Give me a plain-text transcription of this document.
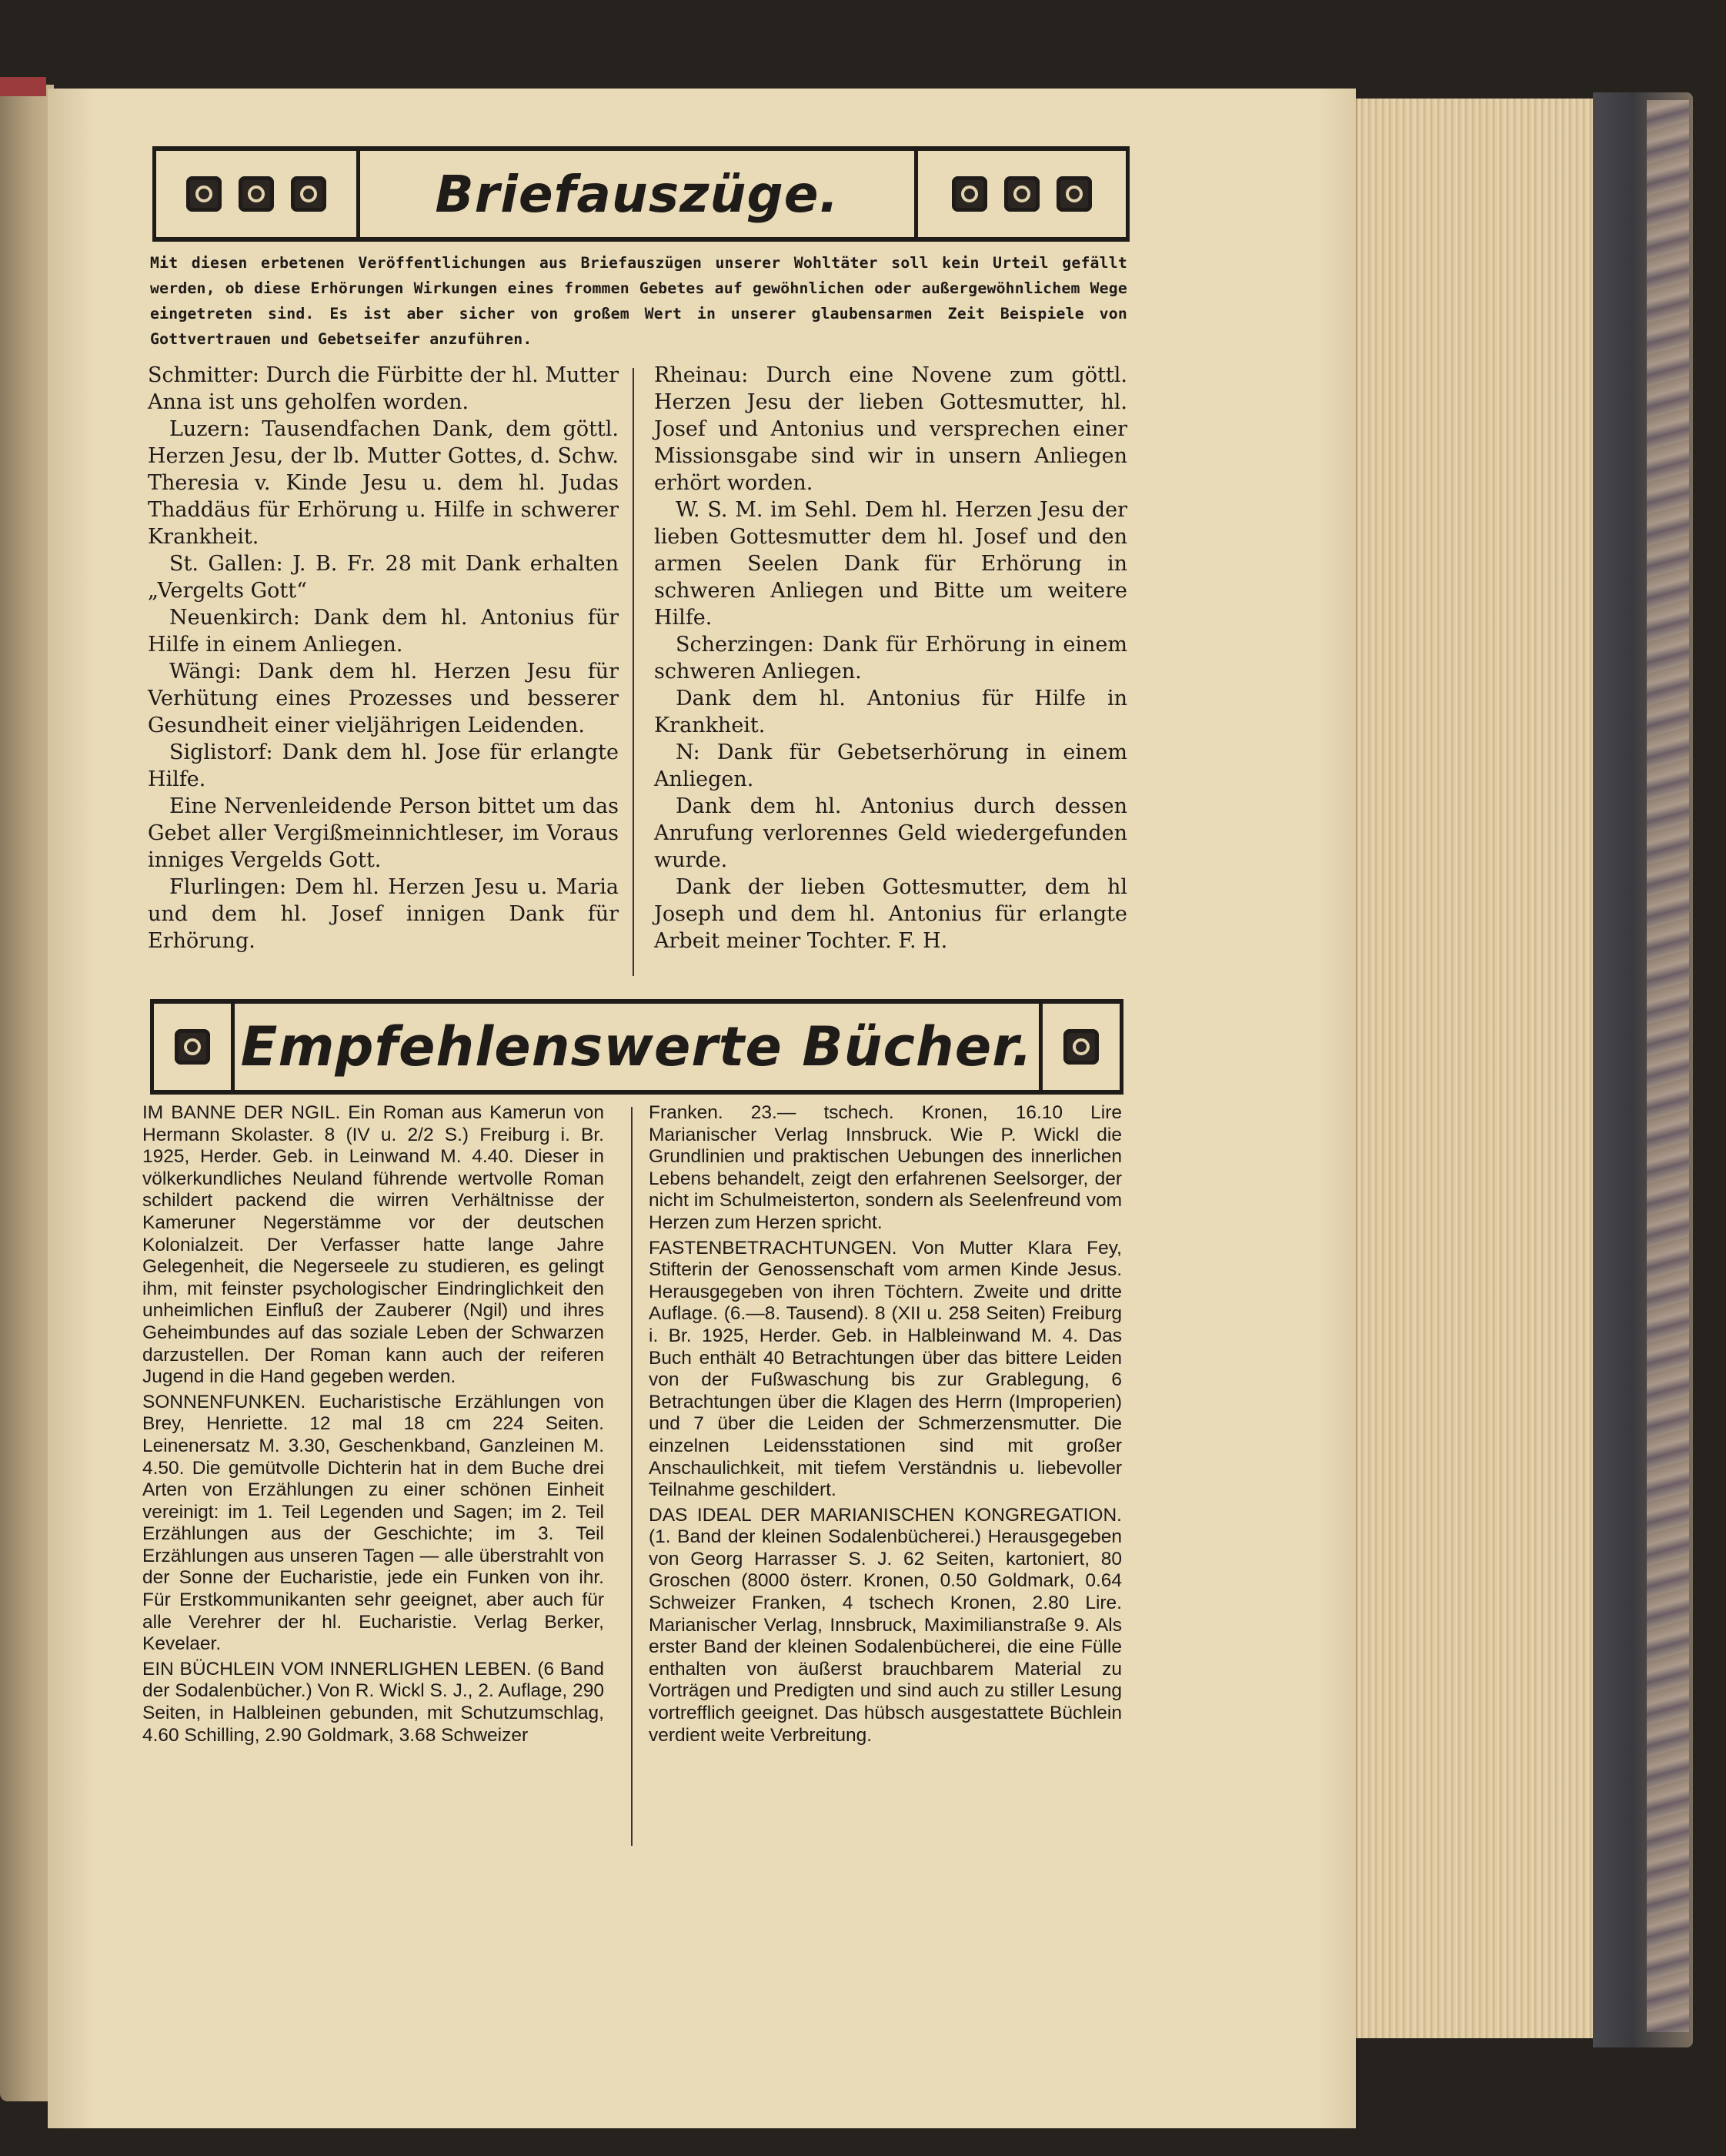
Briefauszüge.
Mit diesen erbetenen Veröffentlichungen aus Briefauszügen unserer Wohltäter soll kein Urteil gefällt werden, ob diese Erhörungen Wirkungen eines frommen Gebetes auf gewöhnlichen oder außergewöhnlichem Wege eingetreten sind. Es ist aber sicher von großem Wert in unserer glaubensarmen Zeit Beispiele von Gottvertrauen und Gebetseifer anzuführen.

Schmitter: Durch die Fürbitte der hl. Mutter Anna ist uns geholfen worden.

Luzern: Tausendfachen Dank, dem göttl. Herzen Jesu, der lb. Mutter Gottes, d. Schw. Theresia v. Kinde Jesu u. dem hl. Judas Thaddäus für Erhörung u. Hilfe in schwerer Krankheit.

St. Gallen: J. B. Fr. 28 mit Dank erhalten „Vergelts Gott“

Neuenkirch: Dank dem hl. Antonius für Hilfe in einem Anliegen.

Wängi: Dank dem hl. Herzen Jesu für Verhütung eines Prozesses und besserer Gesundheit einer vieljährigen Leidenden.

Siglistorf: Dank dem hl. Jose für erlangte Hilfe.

Eine Nervenleidende Person bittet um das Gebet aller Vergißmeinnichtleser, im Voraus inniges Vergelds Gott.

Flurlingen: Dem hl. Herzen Jesu u. Maria und dem hl. Josef innigen Dank für Erhörung.

Rheinau: Durch eine Novene zum göttl. Herzen Jesu der lieben Gottesmutter, hl. Josef und Antonius und versprechen einer Missionsgabe sind wir in unsern Anliegen erhört worden.

W. S. M. im Sehl. Dem hl. Herzen Jesu der lieben Gottesmutter dem hl. Josef und den armen Seelen Dank für Erhörung in schweren Anliegen und Bitte um weitere Hilfe.

Scherzingen: Dank für Erhörung in einem schweren Anliegen.

Dank dem hl. Antonius für Hilfe in Krankheit.

N: Dank für Gebetserhörung in einem Anliegen.

Dank dem hl. Antonius durch dessen Anrufung verlorennes Geld wiedergefunden wurde.

Dank der lieben Gottesmutter, dem hl Joseph und dem hl. Antonius für erlangte Arbeit meiner Tochter. F. H.

Empfehlenswerte Bücher.

IM BANNE DER NGIL. Ein Roman aus Kamerun von Hermann Skolaster. 8 (IV u. 2/2 S.) Freiburg i. Br. 1925, Herder. Geb. in Leinwand M. 4.40. Dieser in völkerkundliches Neuland führende wertvolle Roman schildert packend die wirren Verhältnisse der Kameruner Negerstämme vor der deutschen Kolonialzeit. Der Verfasser hatte lange Jahre Gelegenheit, die Negerseele zu studieren, es gelingt ihm, mit feinster psychologischer Eindringlichkeit den unheimlichen Einfluß der Zauberer (Ngil) und ihres Geheimbundes auf das soziale Leben der Schwarzen darzustellen. Der Roman kann auch der reiferen Jugend in die Hand gegeben werden.

SONNENFUNKEN. Eucharistische Erzählungen von Brey, Henriette. 12 mal 18 cm 224 Seiten. Leinenersatz M. 3.30, Geschenkband, Ganzleinen M. 4.50. Die gemütvolle Dichterin hat in dem Buche drei Arten von Erzählungen zu einer schönen Einheit vereinigt: im 1. Teil Legenden und Sagen; im 2. Teil Erzählungen aus der Geschichte; im 3. Teil Erzählungen aus unseren Tagen — alle überstrahlt von der Sonne der Eucharistie, jede ein Funken von ihr. Für Erstkommunikanten sehr geeignet, aber auch für alle Verehrer der hl. Eucharistie. Verlag Berker, Kevelaer.

EIN BÜCHLEIN VOM INNERLIGHEN LEBEN. (6 Band der Sodalenbücher.) Von R. Wickl S. J., 2. Auflage, 290 Seiten, in Halbleinen gebunden, mit Schutzumschlag, 4.60 Schilling, 2.90 Goldmark, 3.68 Schweizer

Franken. 23.— tschech. Kronen, 16.10 Lire Marianischer Verlag Innsbruck. Wie P. Wickl die Grundlinien und praktischen Uebungen des innerlichen Lebens behandelt, zeigt den erfahrenen Seelsorger, der nicht im Schulmeisterton, sondern als Seelenfreund vom Herzen zum Herzen spricht.

FASTENBETRACHTUNGEN. Von Mutter Klara Fey, Stifterin der Genossenschaft vom armen Kinde Jesus. Herausgegeben von ihren Töchtern. Zweite und dritte Auflage. (6.—8. Tausend). 8 (XII u. 258 Seiten) Freiburg i. Br. 1925, Herder. Geb. in Halbleinwand M. 4. Das Buch enthält 40 Betrachtungen über das bittere Leiden von der Fußwaschung bis zur Grablegung, 6 Betrachtungen über die Klagen des Herrn (Improperien) und 7 über die Leiden der Schmerzensmutter. Die einzelnen Leidensstationen sind mit großer Anschaulichkeit, mit tiefem Verständnis u. liebevoller Teilnahme geschildert.

DAS IDEAL DER MARIANISCHEN KONGREGATION. (1. Band der kleinen Sodalenbücherei.) Herausgegeben von Georg Harrasser S. J. 62 Seiten, kartoniert, 80 Groschen (8000 österr. Kronen, 0.50 Goldmark, 0.64 Schweizer Franken, 4 tschech Kronen, 2.80 Lire. Marianischer Verlag, Innsbruck, Maximilianstraße 9. Als erster Band der kleinen Sodalenbücherei, die eine Fülle enthalten von äußerst brauchbarem Material zu Vorträgen und Predigten und sind auch zu stiller Lesung vortrefflich geeignet. Das hübsch ausgestattete Büchlein verdient weite Verbreitung.
